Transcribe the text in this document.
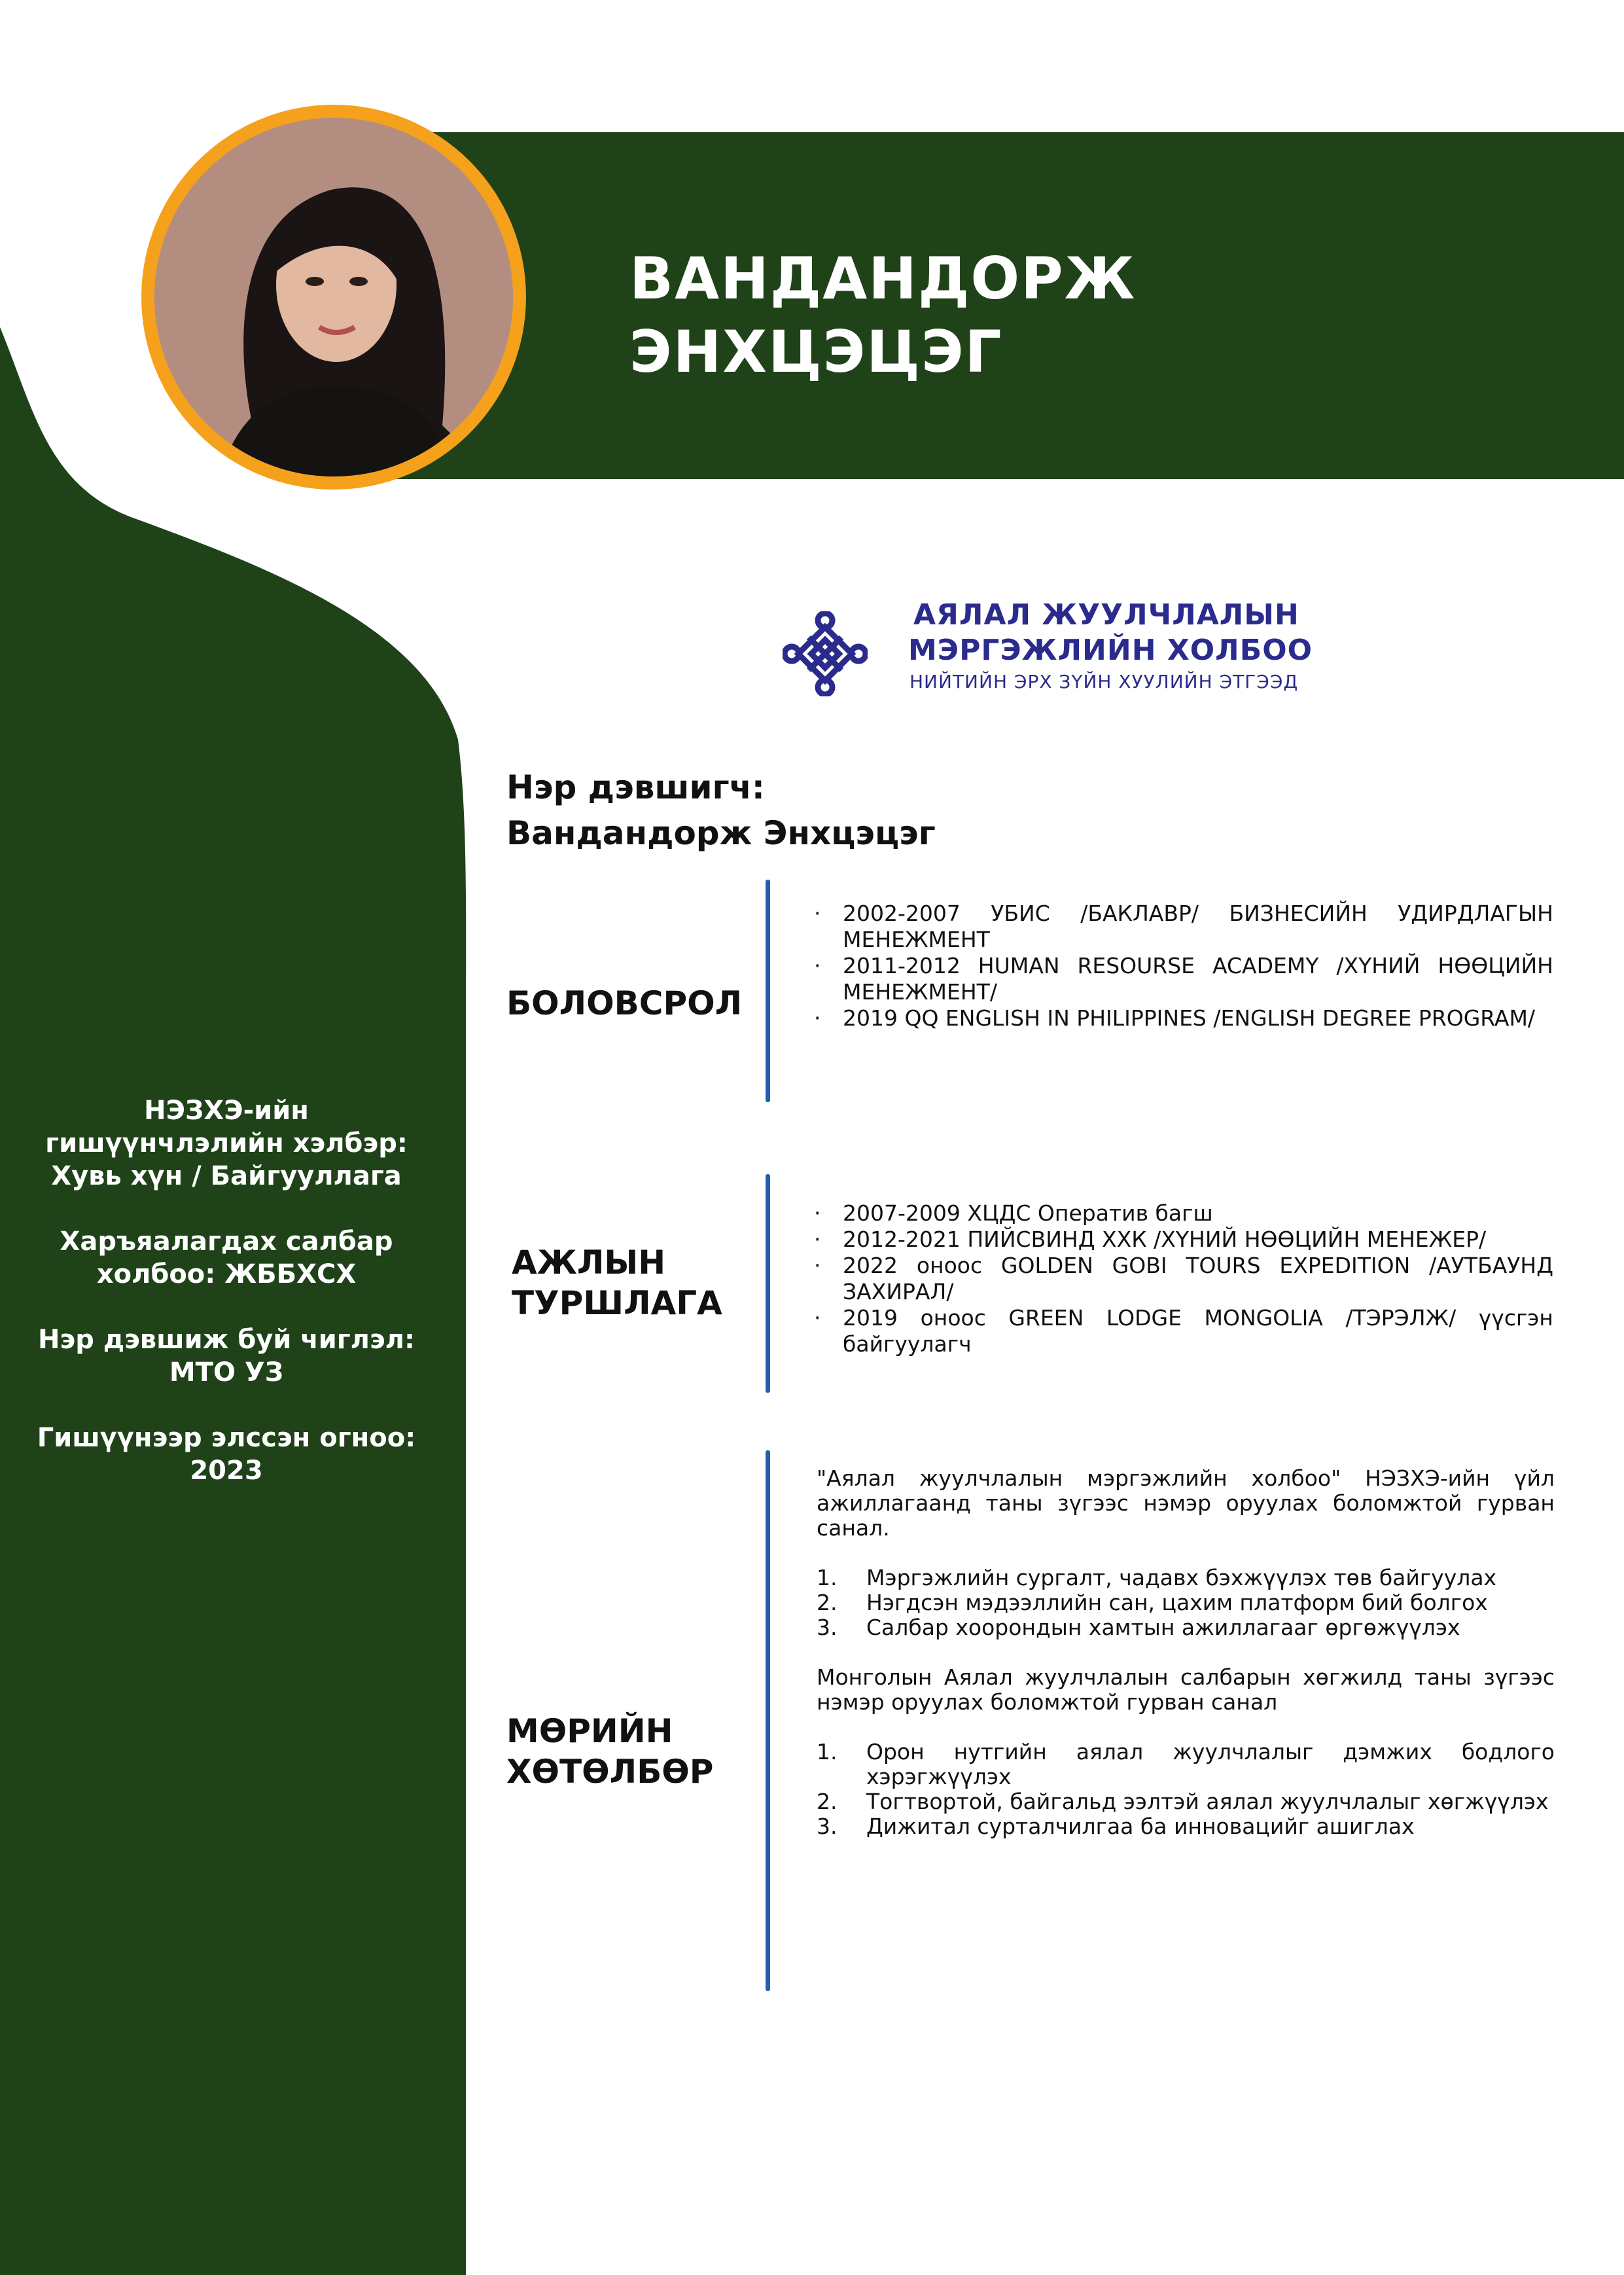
ВАНДАНДОРЖ
ЭНХЦЭЦЭГ
АЯЛАЛ ЖУУЛЧЛАЛЫН
МЭРГЭЖЛИЙН ХОЛБОО
НИЙТИЙН ЭРХ ЗҮЙН ХУУЛИЙН ЭТГЭЭД
Нэр дэвшигч:
Вандандорж Энхцэцэг
БОЛОВСРОЛ
· 2002-2007 УБИС /БАКЛАВР/ БИЗНЕСИЙН УДИРДЛАГЫН МЕНЕЖМЕНТ
· 2011-2012 HUMAN RESOURSE ACADEMY /ХҮНИЙ НӨӨЦИЙН МЕНЕЖМЕНТ/
· 2019 QQ ENGLISH IN PHILIPPINES /ENGLISH DEGREE PROGRAM/
АЖЛЫН
ТУРШЛАГА
· 2007-2009 ХЦДС Оператив багш
· 2012-2021 ПИЙСВИНД ХХК /ХҮНИЙ НӨӨЦИЙН МЕНЕЖЕР/
· 2022 оноос GOLDEN GOBI TOURS EXPEDITION /АУТБАУНД ЗАХИРАЛ/
· 2019 оноос GREEN LODGE MONGOLIA /ТЭРЭЛЖ/ үүсгэн байгуулагч
МӨРИЙН
ХӨТӨЛБӨР

"Аялал жуулчлалын мэргэжлийн холбоо" НЭЗХЭ-ийн үйл ажиллагаанд таны зүгээс нэмэр оруулах боломжтой гурван санал.

1. Мэргэжлийн сургалт, чадавх бэхжүүлэх төв байгуулах
2. Нэгдсэн мэдээллийн сан, цахим платформ бий болгох
3. Салбар хоорондын хамтын ажиллагааг өргөжүүлэх

Монголын Аялал жуулчлалын салбарын хөгжилд таны зүгээс нэмэр оруулах боломжтой гурван санал

1. Орон нутгийн аялал жуулчлалыг дэмжих бодлого хэрэгжүүлэх
2. Тогтвортой, байгальд ээлтэй аялал жуулчлалыг хөгжүүлэх
3. Дижитал сурталчилгаа ба инновацийг ашиглах
НЭЗХЭ-ийн гишүүнчлэлийн хэлбэр: Хувь хүн / Байгууллага
Харъяалагдах салбар холбоо: ЖББХСХ
Нэр дэвшиж буй чиглэл: МТО УЗ
Гишүүнээр элссэн огноо: 2023
